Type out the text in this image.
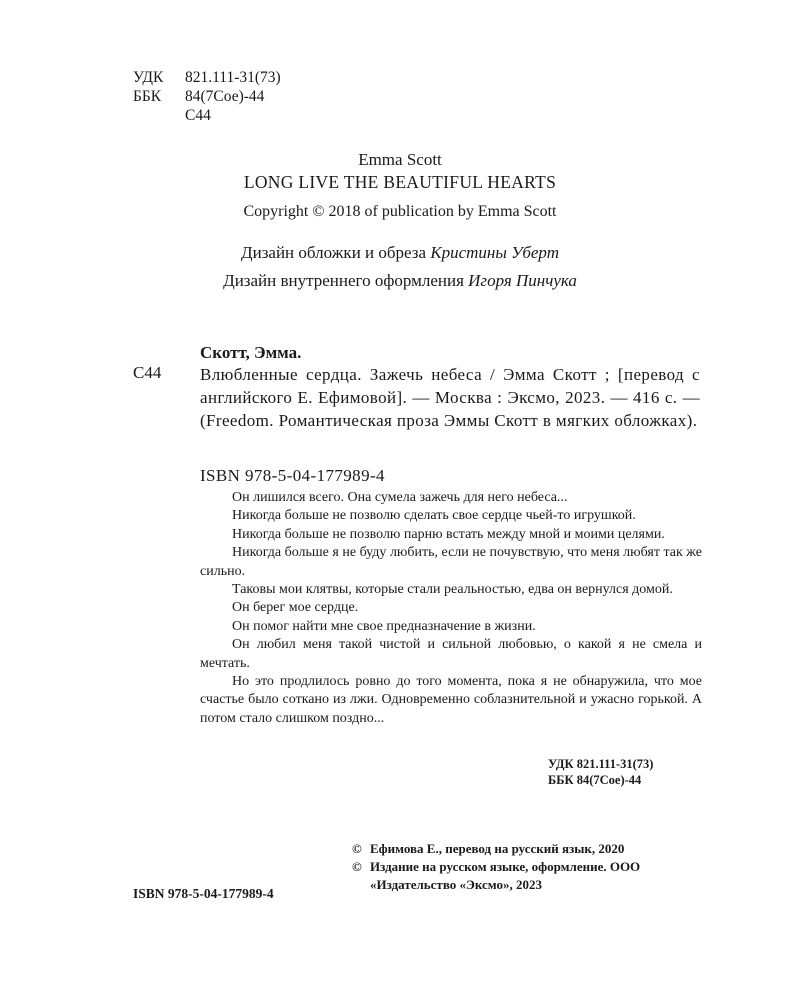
УДК	821.111-31(73)
ББК	84(7Сое)-44
С44
Emma Scott
LONG LIVE THE BEAUTIFUL HEARTS
Copyright © 2018 of publication by Emma Scott
Дизайн обложки и обреза Кристины Уберт
Дизайн внутреннего оформления Игоря Пинчука
Скотт, Эмма.
С44 Влюбленные сердца. Зажечь небеса / Эмма Скотт ; [перевод с английского Е. Ефимовой]. — Москва : Эксмо, 2023. — 416 с. — (Freedom. Романтическая проза Эммы Скотт в мягких обложках).
ISBN 978-5-04-177989-4

Он лишился всего. Она сумела зажечь для него небеса...

Никогда больше не позволю сделать свое сердце чьей-то игрушкой.

Никогда больше не позволю парню встать между мной и моими целями.

Никогда больше я не буду любить, если не почувствую, что меня любят так же сильно.

Таковы мои клятвы, которые стали реальностью, едва он вернулся домой.

Он берег мое сердце.

Он помог найти мне свое предназначение в жизни.

Он любил меня такой чистой и сильной любовью, о какой я не смела и мечтать.

Но это продлилось ровно до того момента, пока я не обнаружила, что мое счастье было соткано из лжи. Одновременно соблазнительной и ужасно горькой. А потом стало слишком поздно...

УДК 821.111-31(73)
ББК 84(7Сое)-44
© Ефимова Е., перевод на русский язык, 2020
© Издание на русском языке, оформление. ООО «Издательство «Эксмо», 2023
ISBN 978-5-04-177989-4
